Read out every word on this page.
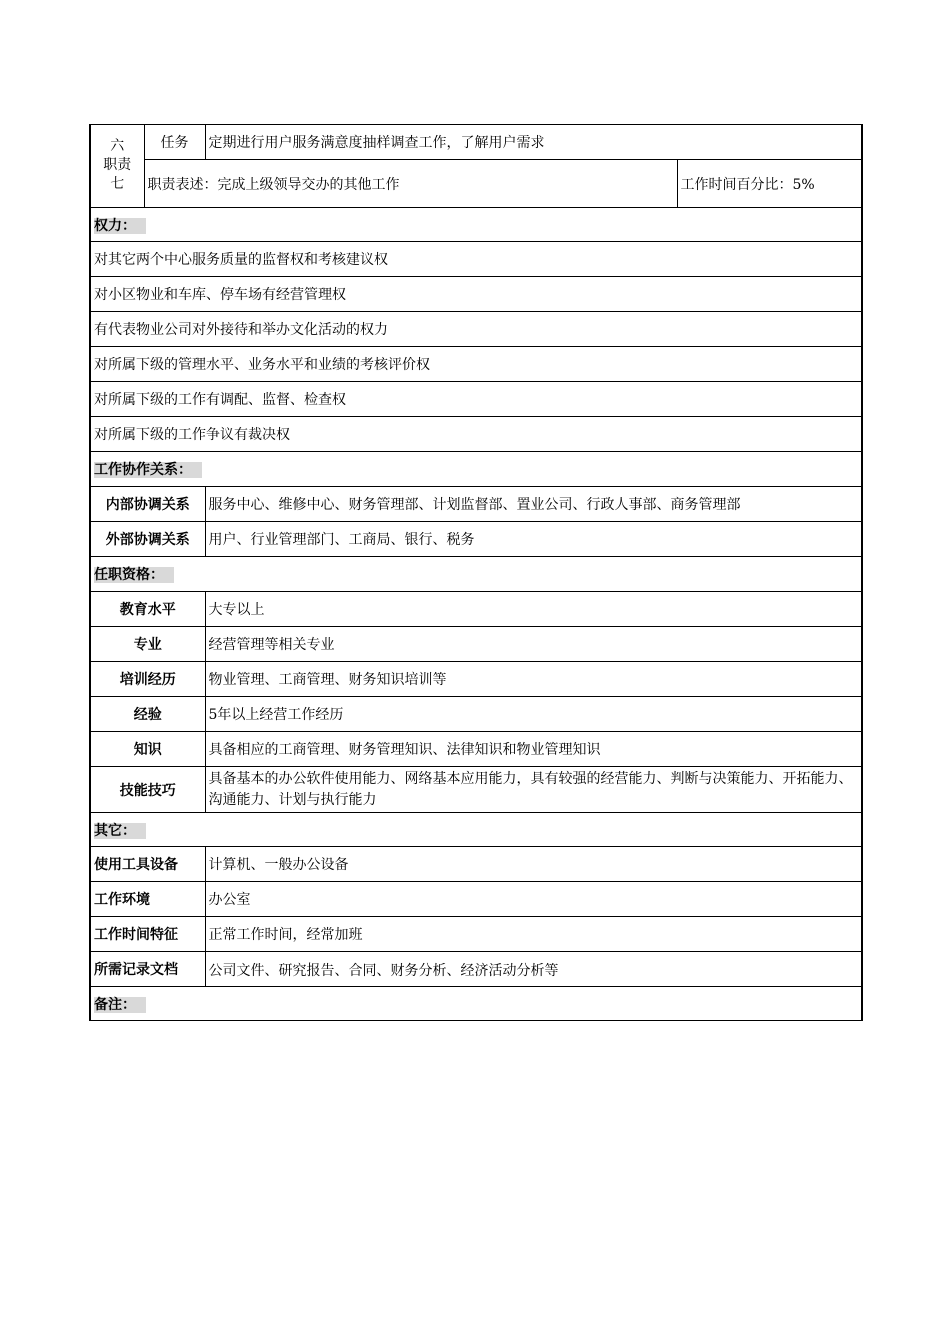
六
职责
七	任务	定期进行用户服务满意度抽样调查工作，了解用户需求	
	职责表述：完成上级领导交办的其他工作		工作时间百分比：5%
权力：			
对其它两个中心服务质量的监督权和考核建议权			
对小区物业和车库、停车场有经营管理权			
有代表物业公司对外接待和举办文化活动的权力			
对所属下级的管理水平、业务水平和业绩的考核评价权			
对所属下级的工作有调配、监督、检查权			
对所属下级的工作争议有裁决权			
工作协作关系：			
内部协调关系		服务中心、维修中心、财务管理部、计划监督部、置业公司、行政人事部、商务管理部	
外部协调关系		用户、行业管理部门、工商局、银行、税务	
任职资格：			
教育水平		大专以上	
专业		经营管理等相关专业	
培训经历		物业管理、工商管理、财务知识培训等	
经验		5年以上经营工作经历	
知识		具备相应的工商管理、财务管理知识、法律知识和物业管理知识	
技能技巧		具备基本的办公软件使用能力、网络基本应用能力，具有较强的经营能力、判断与决策能力、开拓能力、沟通能力、计划与执行能力	
其它：			
使用工具设备		计算机、一般办公设备	
工作环境		办公室	
工作时间特征		正常工作时间，经常加班	
所需记录文档		公司文件、研究报告、合同、财务分析、经济活动分析等	
备注：			
